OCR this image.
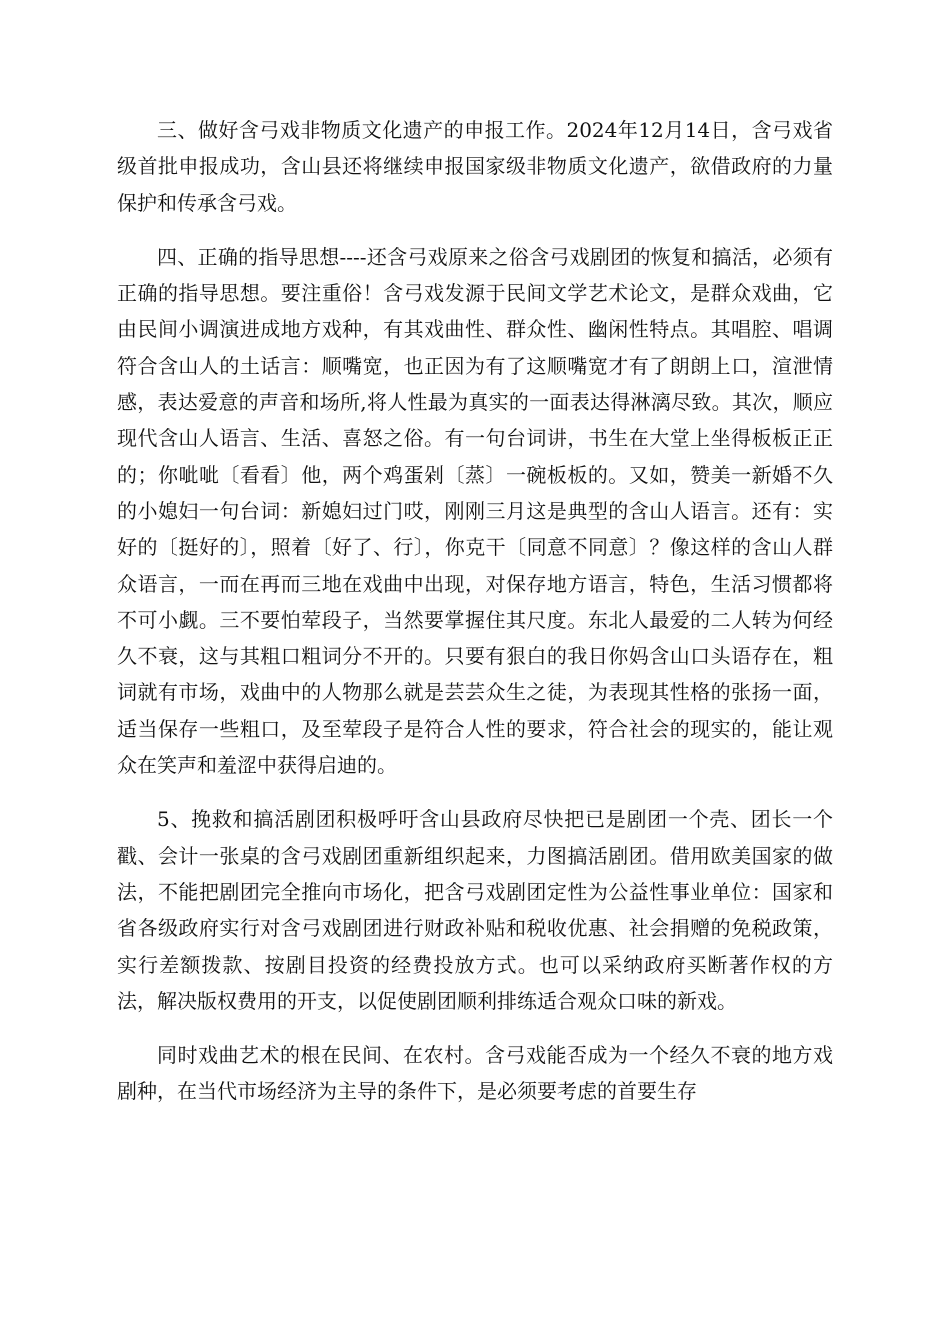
三、做好含弓戏非物质文化遗产的申报工作。2024年12月14日，含弓戏省级首批申报成功，含山县还将继续申报国家级非物质文化遗产，欲借政府的力量保护和传承含弓戏。

四、正确的指导思想----还含弓戏原来之俗含弓戏剧团的恢复和搞活，必须有正确的指导思想。要注重俗！含弓戏发源于民间文学艺术论文，是群众戏曲，它由民间小调演进成地方戏种，有其戏曲性、群众性、幽闲性特点。其唱腔、唱调符合含山人的土话言：顺嘴宽，也正因为有了这顺嘴宽才有了朗朗上口，渲泄情感，表达爱意的声音和场所,将人性最为真实的一面表达得淋漓尽致。其次，顺应现代含山人语言、生活、喜怒之俗。有一句台词讲，书生在大堂上坐得板板正正的；你呲呲〔看看〕他，两个鸡蛋剁〔蒸〕一碗板板的。又如，赞美一新婚不久的小媳妇一句台词：新媳妇过门哎，刚刚三月这是典型的含山人语言。还有：实好的〔挺好的〕，照着〔好了、行〕，你克干〔同意不同意〕？像这样的含山人群众语言，一而在再而三地在戏曲中出现，对保存地方语言，特色，生活习惯都将不可小觑。三不要怕荤段子，当然要掌握住其尺度。东北人最爱的二人转为何经久不衰，这与其粗口粗词分不开的。只要有狠白的我日你妈含山口头语存在，粗词就有市场，戏曲中的人物那么就是芸芸众生之徒，为表现其性格的张扬一面，适当保存一些粗口，及至荤段子是符合人性的要求，符合社会的现实的，能让观众在笑声和羞涩中获得启迪的。

5、挽救和搞活剧团积极呼吁含山县政府尽快把已是剧团一个壳、团长一个戳、会计一张桌的含弓戏剧团重新组织起来，力图搞活剧团。借用欧美国家的做法，不能把剧团完全推向市场化，把含弓戏剧团定性为公益性事业单位：国家和省各级政府实行对含弓戏剧团进行财政补贴和税收优惠、社会捐赠的免税政策，实行差额拨款、按剧目投资的经费投放方式。也可以采纳政府买断著作权的方法，解决版权费用的开支，以促使剧团顺利排练适合观众口味的新戏。

同时戏曲艺术的根在民间、在农村。含弓戏能否成为一个经久不衰的地方戏剧种，在当代市场经济为主导的条件下，是必须要考虑的首要生存
